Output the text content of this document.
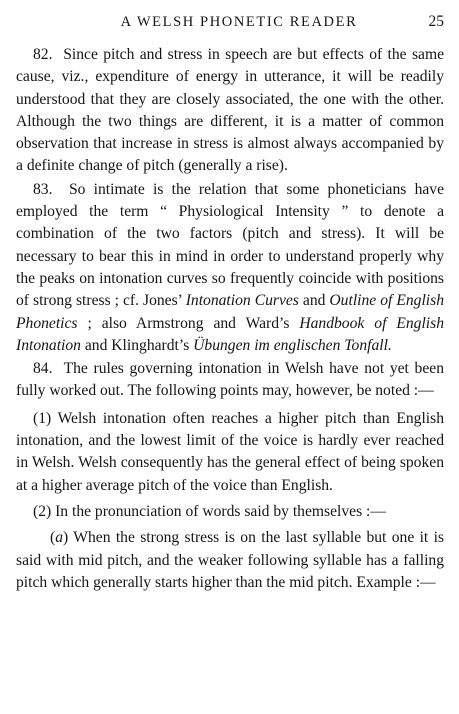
A WELSH PHONETIC READER	25

82. Since pitch and stress in speech are but effects of the same cause, viz., expenditure of energy in utterance, it will be readily understood that they are closely associated, the one with the other. Although the two things are different, it is a matter of common observation that increase in stress is almost always accompanied by a definite change of pitch (generally a rise).

83. So intimate is the relation that some phoneticians have employed the term “ Physiological Intensity ” to denote a combination of the two factors (pitch and stress). It will be necessary to bear this in mind in order to understand properly why the peaks on intonation curves so frequently coincide with positions of strong stress ; cf. Jones’ Intonation Curves and Outline of English Phonetics ; also Armstrong and Ward’s Handbook of English Intonation and Klinghardt’s Übungen im englischen Tonfall.

84. The rules governing intonation in Welsh have not yet been fully worked out. The following points may, however, be noted :—

(1) Welsh intonation often reaches a higher pitch than English intonation, and the lowest limit of the voice is hardly ever reached in Welsh. Welsh consequently has the general effect of being spoken at a higher average pitch of the voice than English.

(2) In the pronunciation of words said by themselves :—

(a) When the strong stress is on the last syllable but one it is said with mid pitch, and the weaker following syllable has a falling pitch which generally starts higher than the mid pitch. Example :—
